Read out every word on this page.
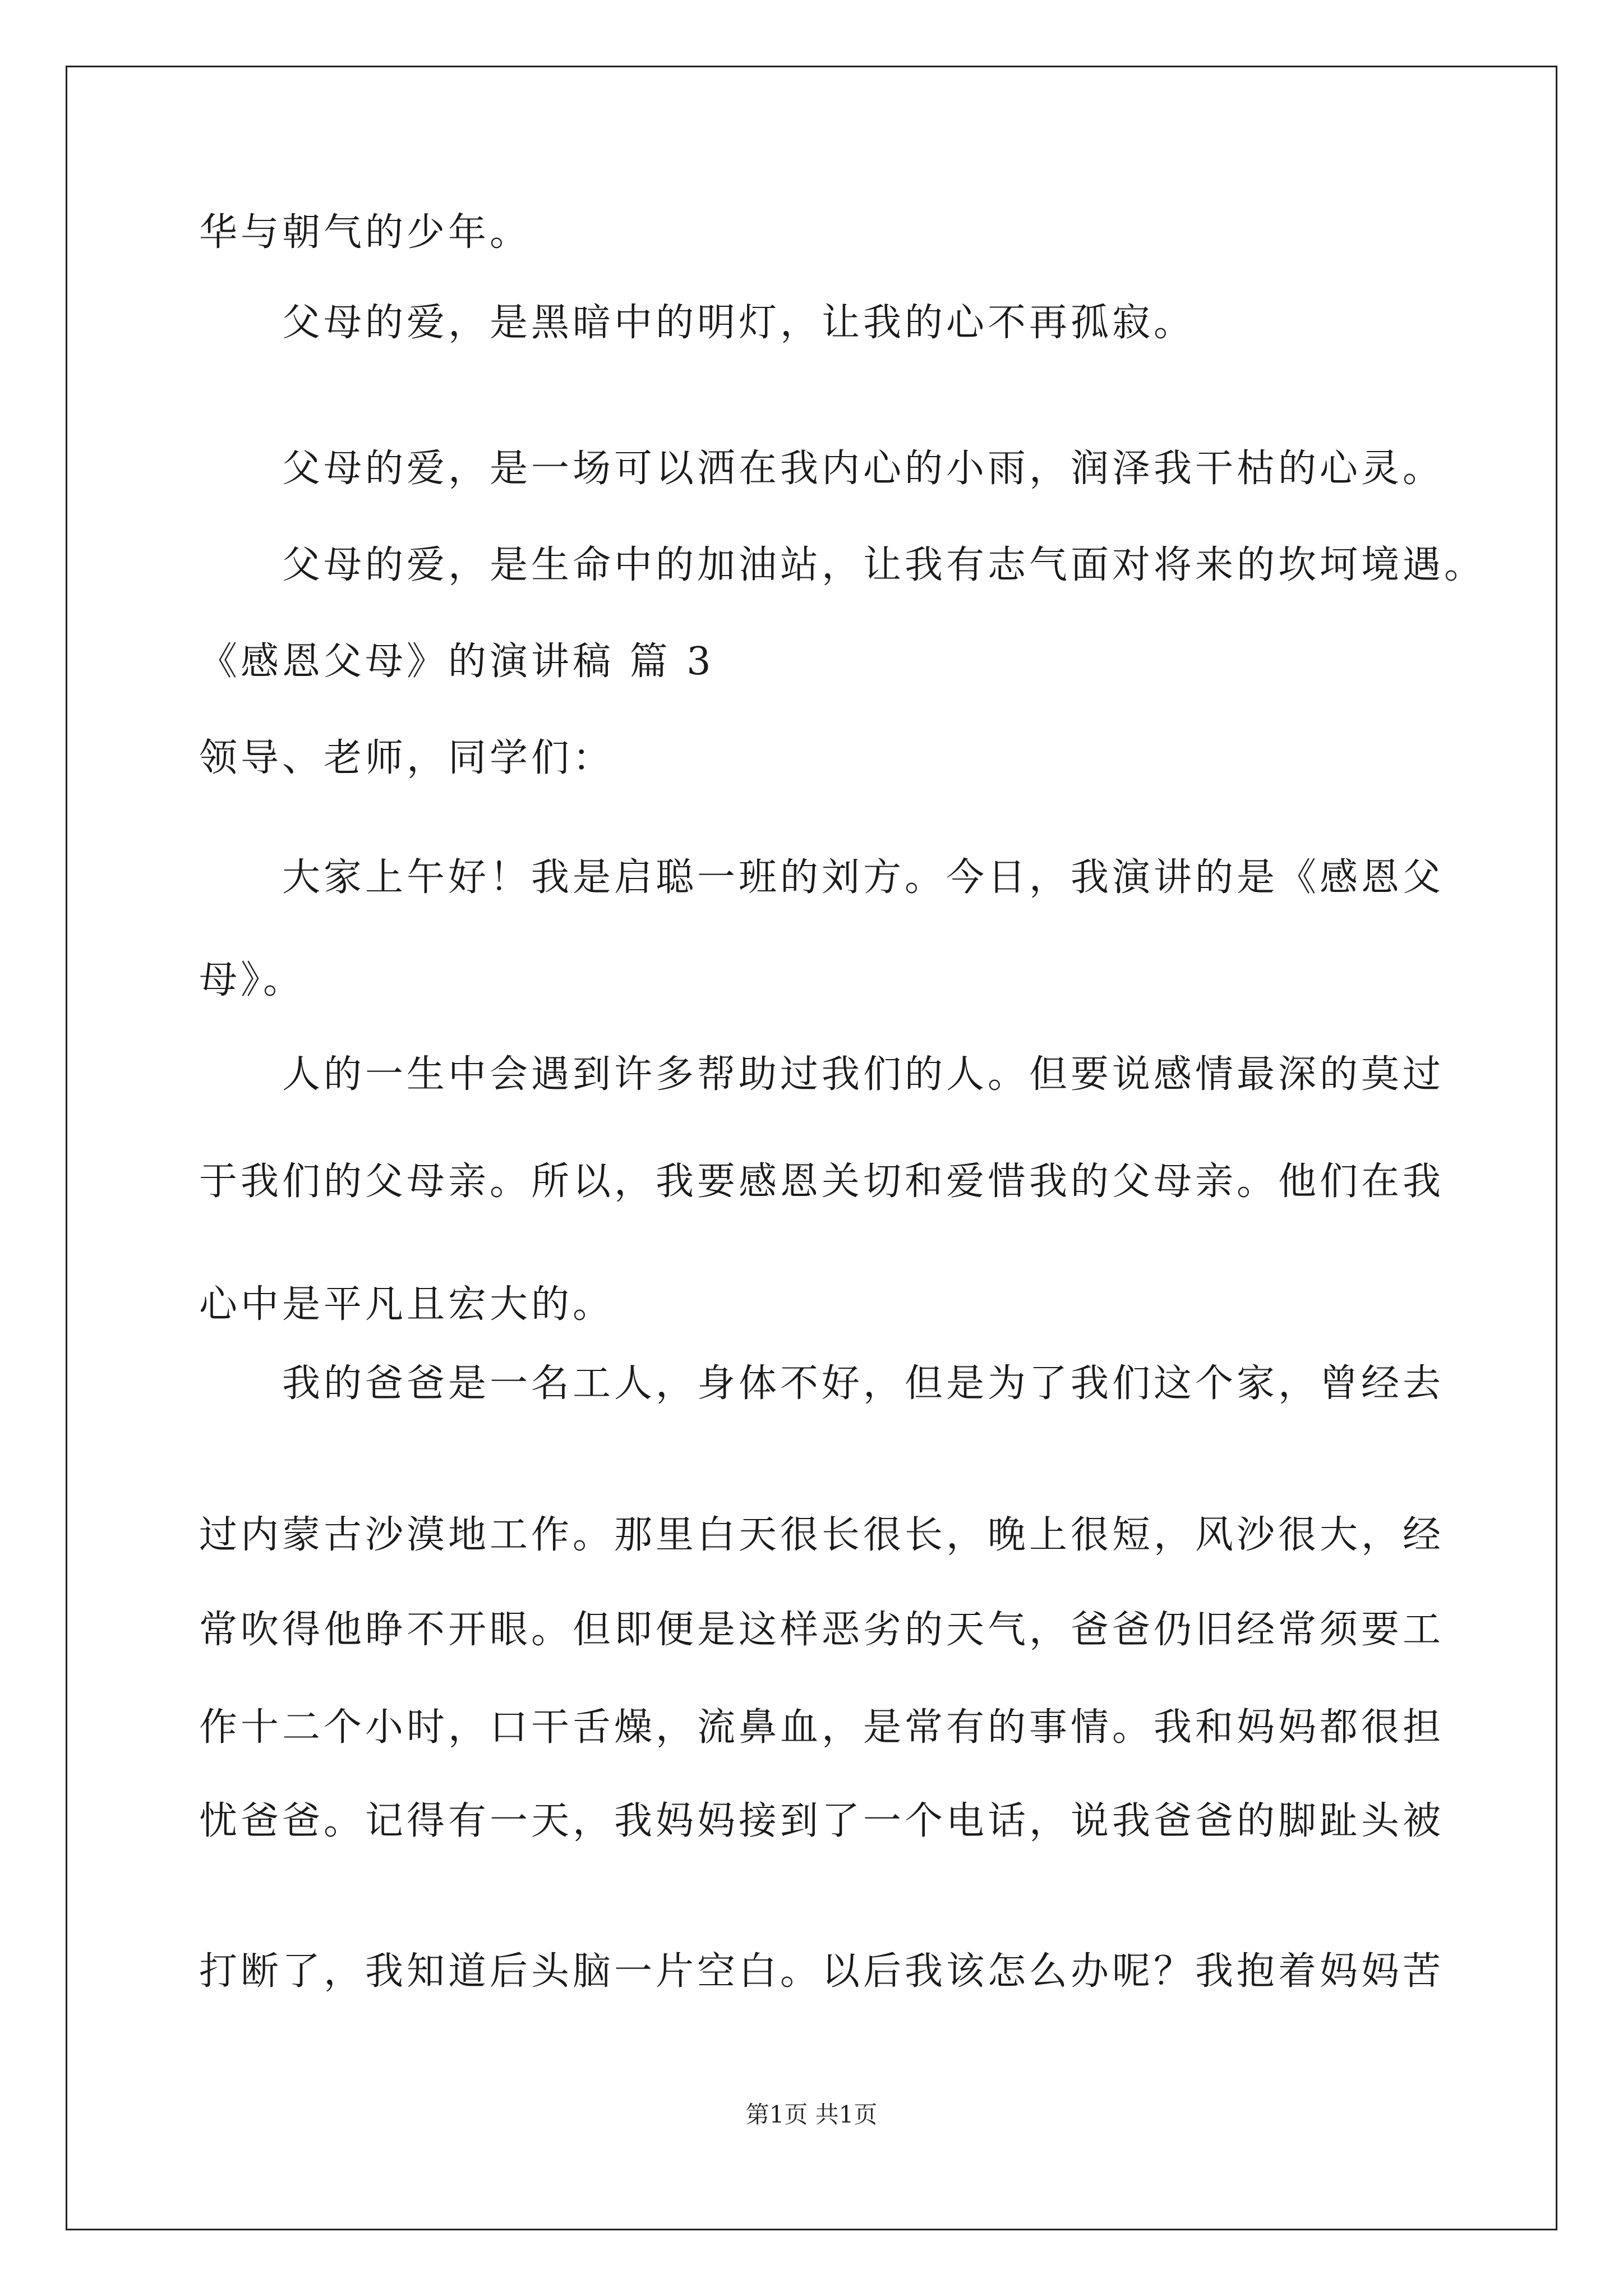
华与朝气的少年。
父母的爱，是黑暗中的明灯，让我的心不再孤寂。
父母的爱，是一场可以洒在我内心的小雨，润泽我干枯的心灵。
父母的爱，是生命中的加油站，让我有志气面对将来的坎坷境遇。
《感恩父母》的演讲稿 篇 3
领导、老师，同学们：
大家上午好！我是启聪一班的刘方。今日，我演讲的是《感恩父
母》。
人的一生中会遇到许多帮助过我们的人。但要说感情最深的莫过
于我们的父母亲。所以，我要感恩关切和爱惜我的父母亲。他们在我
心中是平凡且宏大的。
我的爸爸是一名工人，身体不好，但是为了我们这个家，曾经去
过内蒙古沙漠地工作。那里白天很长很长，晚上很短，风沙很大，经
常吹得他睁不开眼。但即便是这样恶劣的天气，爸爸仍旧经常须要工
作十二个小时，口干舌燥，流鼻血，是常有的事情。我和妈妈都很担
忧爸爸。记得有一天，我妈妈接到了一个电话，说我爸爸的脚趾头被
打断了，我知道后头脑一片空白。以后我该怎么办呢？我抱着妈妈苦
第1页 共1页
